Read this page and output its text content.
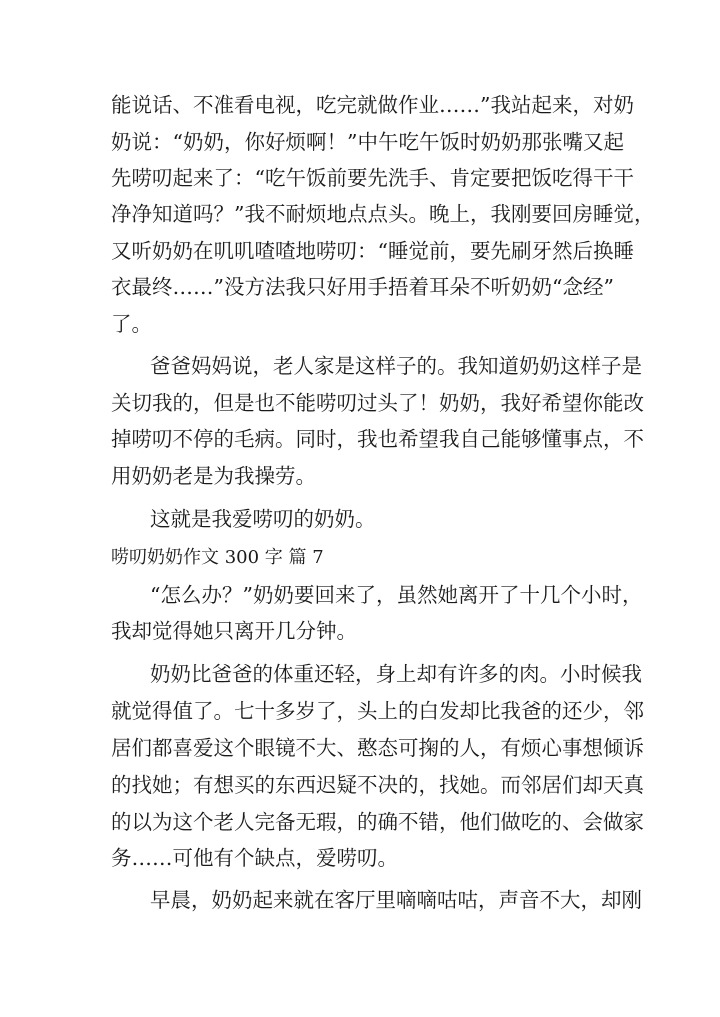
能说话、不准看电视，吃完就做作业……”我站起来，对奶
奶说：“奶奶，你好烦啊！”中午吃午饭时奶奶那张嘴又起
先唠叨起来了：“吃午饭前要先洗手、肯定要把饭吃得干干
净净知道吗？”我不耐烦地点点头。晚上，我刚要回房睡觉，
又听奶奶在叽叽喳喳地唠叨：“睡觉前，要先刷牙然后换睡
衣最终……”没方法我只好用手捂着耳朵不听奶奶“念经”
了。
爸爸妈妈说，老人家是这样子的。我知道奶奶这样子是
关切我的，但是也不能唠叨过头了！奶奶，我好希望你能改
掉唠叨不停的毛病。同时，我也希望我自己能够懂事点，不
用奶奶老是为我操劳。
这就是我爱唠叨的奶奶。
唠叨奶奶作文 300 字 篇 7
“怎么办？”奶奶要回来了，虽然她离开了十几个小时，
我却觉得她只离开几分钟。
奶奶比爸爸的体重还轻，身上却有许多的肉。小时候我
就觉得值了。七十多岁了，头上的白发却比我爸的还少，邻
居们都喜爱这个眼镜不大、憨态可掬的人，有烦心事想倾诉
的找她；有想买的东西迟疑不决的，找她。而邻居们却天真
的以为这个老人完备无瑕，的确不错，他们做吃的、会做家
务……可他有个缺点，爱唠叨。
早晨，奶奶起来就在客厅里嘀嘀咕咕，声音不大，却刚
